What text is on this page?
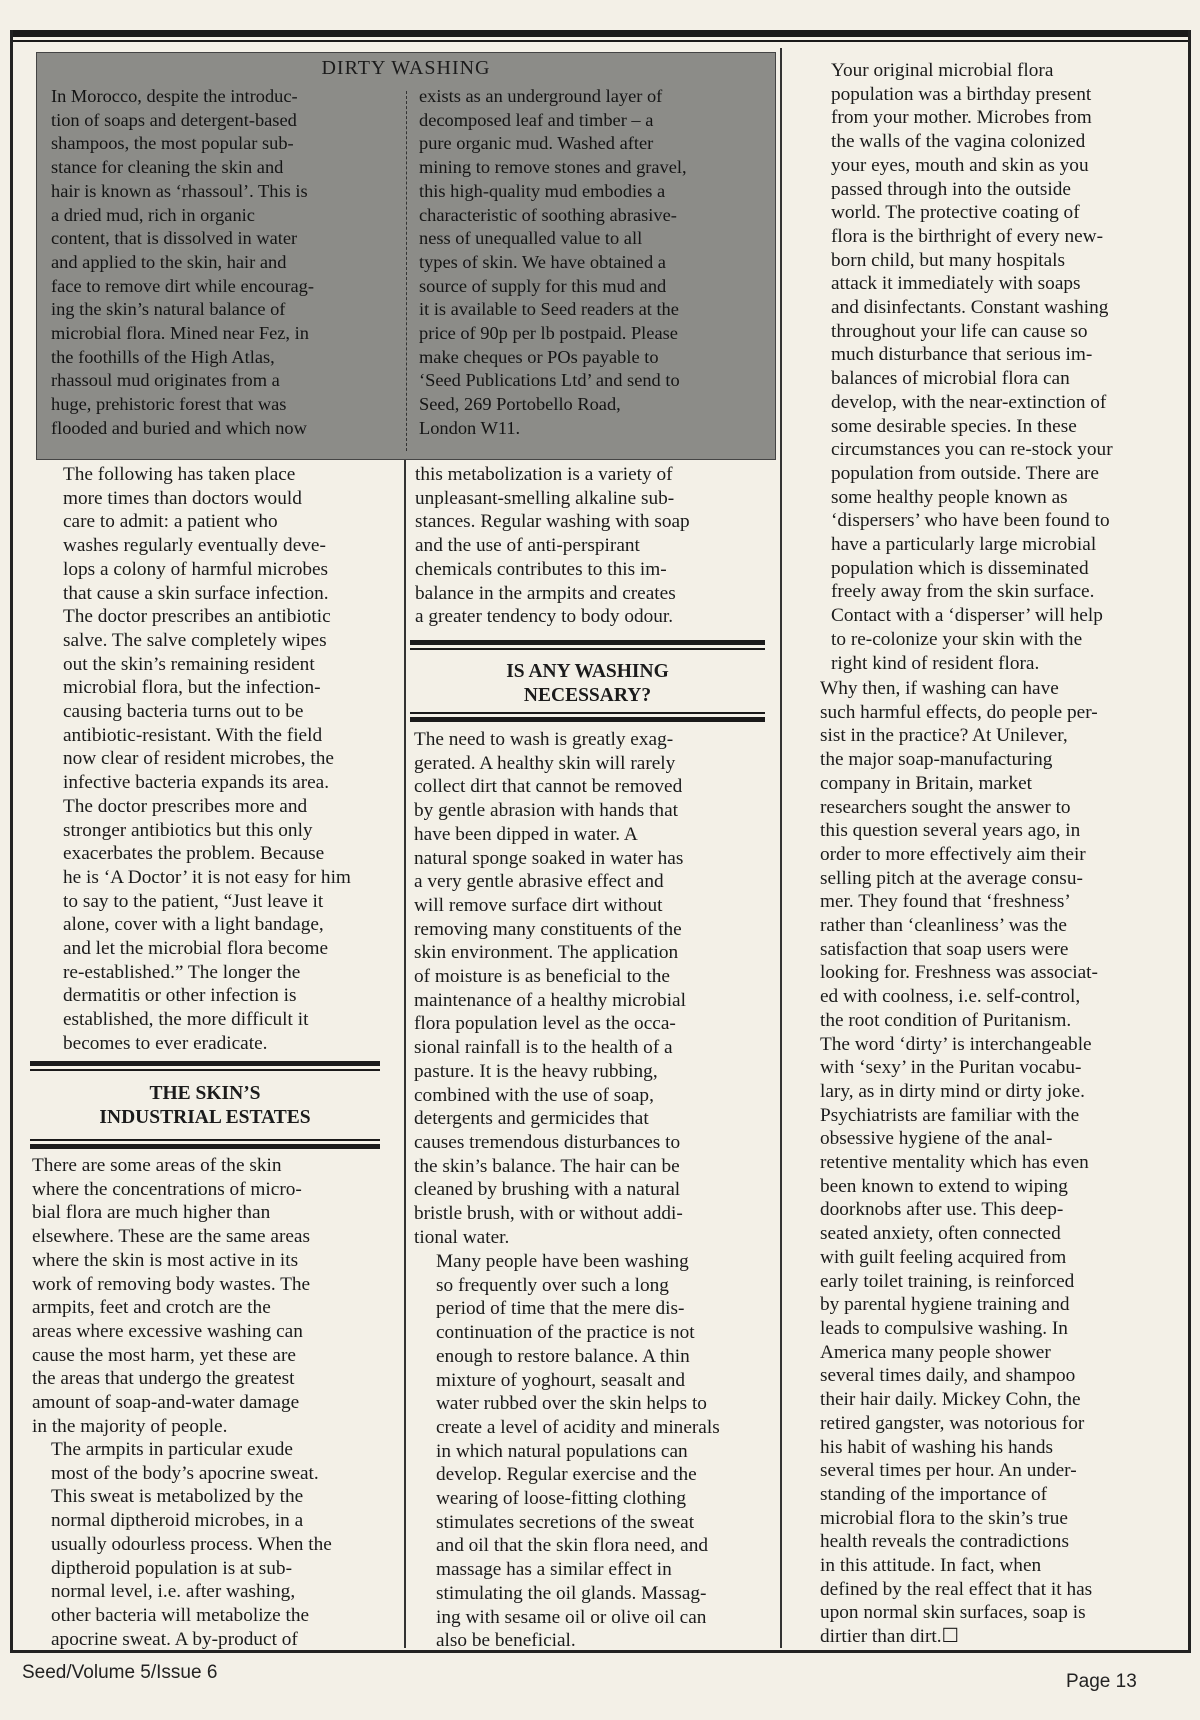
DIRTY WASHING
In Morocco, despite the introduc-
tion of soaps and detergent-based
shampoos, the most popular sub-
stance for cleaning the skin and
hair is known as ‘rhassoul’. This is
a dried mud, rich in organic
content, that is dissolved in water
and applied to the skin, hair and
face to remove dirt while encourag-
ing the skin’s natural balance of
microbial flora. Mined near Fez, in
the foothills of the High Atlas,
rhassoul mud originates from a
huge, prehistoric forest that was
flooded and buried and which now
exists as an underground layer of
decomposed leaf and timber – a
pure organic mud. Washed after
mining to remove stones and gravel,
this high-quality mud embodies a
characteristic of soothing abrasive-
ness of unequalled value to all
types of skin. We have obtained a
source of supply for this mud and
it is available to Seed readers at the
price of 90p per lb postpaid. Please
make cheques or POs payable to
‘Seed Publications Ltd’ and send to
Seed, 269 Portobello Road,
London W11.
The following has taken place
more times than doctors would
care to admit: a patient who
washes regularly eventually deve-
lops a colony of harmful microbes
that cause a skin surface infection.
The doctor prescribes an antibiotic
salve. The salve completely wipes
out the skin’s remaining resident
microbial flora, but the infection-
causing bacteria turns out to be
antibiotic-resistant. With the field
now clear of resident microbes, the
infective bacteria expands its area.
The doctor prescribes more and
stronger antibiotics but this only
exacerbates the problem. Because
he is ‘A Doctor’ it is not easy for him
to say to the patient, “Just leave it
alone, cover with a light bandage,
and let the microbial flora become
re-established.” The longer the
dermatitis or other infection is
established, the more difficult it
becomes to ever eradicate.
THE SKIN’S
INDUSTRIAL ESTATES
There are some areas of the skin
where the concentrations of micro-
bial flora are much higher than
elsewhere. These are the same areas
where the skin is most active in its
work of removing body wastes. The
armpits, feet and crotch are the
areas where excessive washing can
cause the most harm, yet these are
the areas that undergo the greatest
amount of soap-and-water damage
in the majority of people.
The armpits in particular exude
most of the body’s apocrine sweat.
This sweat is metabolized by the
normal diptheroid microbes, in a
usually odourless process. When the
diptheroid population is at sub-
normal level, i.e. after washing,
other bacteria will metabolize the
apocrine sweat. A by-product of
this metabolization is a variety of
unpleasant-smelling alkaline sub-
stances. Regular washing with soap
and the use of anti-perspirant
chemicals contributes to this im-
balance in the armpits and creates
a greater tendency to body odour.
IS ANY WASHING
NECESSARY?
The need to wash is greatly exag-
gerated. A healthy skin will rarely
collect dirt that cannot be removed
by gentle abrasion with hands that
have been dipped in water. A
natural sponge soaked in water has
a very gentle abrasive effect and
will remove surface dirt without
removing many constituents of the
skin environment. The application
of moisture is as beneficial to the
maintenance of a healthy microbial
flora population level as the occa-
sional rainfall is to the health of a
pasture. It is the heavy rubbing,
combined with the use of soap,
detergents and germicides that
causes tremendous disturbances to
the skin’s balance. The hair can be
cleaned by brushing with a natural
bristle brush, with or without addi-
tional water.
Many people have been washing
so frequently over such a long
period of time that the mere dis-
continuation of the practice is not
enough to restore balance. A thin
mixture of yoghourt, seasalt and
water rubbed over the skin helps to
create a level of acidity and minerals
in which natural populations can
develop. Regular exercise and the
wearing of loose-fitting clothing
stimulates secretions of the sweat
and oil that the skin flora need, and
massage has a similar effect in
stimulating the oil glands. Massag-
ing with sesame oil or olive oil can
also be beneficial.
Your original microbial flora
population was a birthday present
from your mother. Microbes from
the walls of the vagina colonized
your eyes, mouth and skin as you
passed through into the outside
world. The protective coating of
flora is the birthright of every new-
born child, but many hospitals
attack it immediately with soaps
and disinfectants. Constant washing
throughout your life can cause so
much disturbance that serious im-
balances of microbial flora can
develop, with the near-extinction of
some desirable species. In these
circumstances you can re-stock your
population from outside. There are
some healthy people known as
‘dispersers’ who have been found to
have a particularly large microbial
population which is disseminated
freely away from the skin surface.
Contact with a ‘disperser’ will help
to re-colonize your skin with the
right kind of resident flora.
Why then, if washing can have
such harmful effects, do people per-
sist in the practice? At Unilever,
the major soap-manufacturing
company in Britain, market
researchers sought the answer to
this question several years ago, in
order to more effectively aim their
selling pitch at the average consu-
mer. They found that ‘freshness’
rather than ‘cleanliness’ was the
satisfaction that soap users were
looking for. Freshness was associat-
ed with coolness, i.e. self-control,
the root condition of Puritanism.
The word ‘dirty’ is interchangeable
with ‘sexy’ in the Puritan vocabu-
lary, as in dirty mind or dirty joke.
Psychiatrists are familiar with the
obsessive hygiene of the anal-
retentive mentality which has even
been known to extend to wiping
doorknobs after use. This deep-
seated anxiety, often connected
with guilt feeling acquired from
early toilet training, is reinforced
by parental hygiene training and
leads to compulsive washing. In
America many people shower
several times daily, and shampoo
their hair daily. Mickey Cohn, the
retired gangster, was notorious for
his habit of washing his hands
several times per hour. An under-
standing of the importance of
microbial flora to the skin’s true
health reveals the contradictions
in this attitude. In fact, when
defined by the real effect that it has
upon normal skin surfaces, soap is
dirtier than dirt.☐
Seed/Volume 5/Issue 6	Page 13
